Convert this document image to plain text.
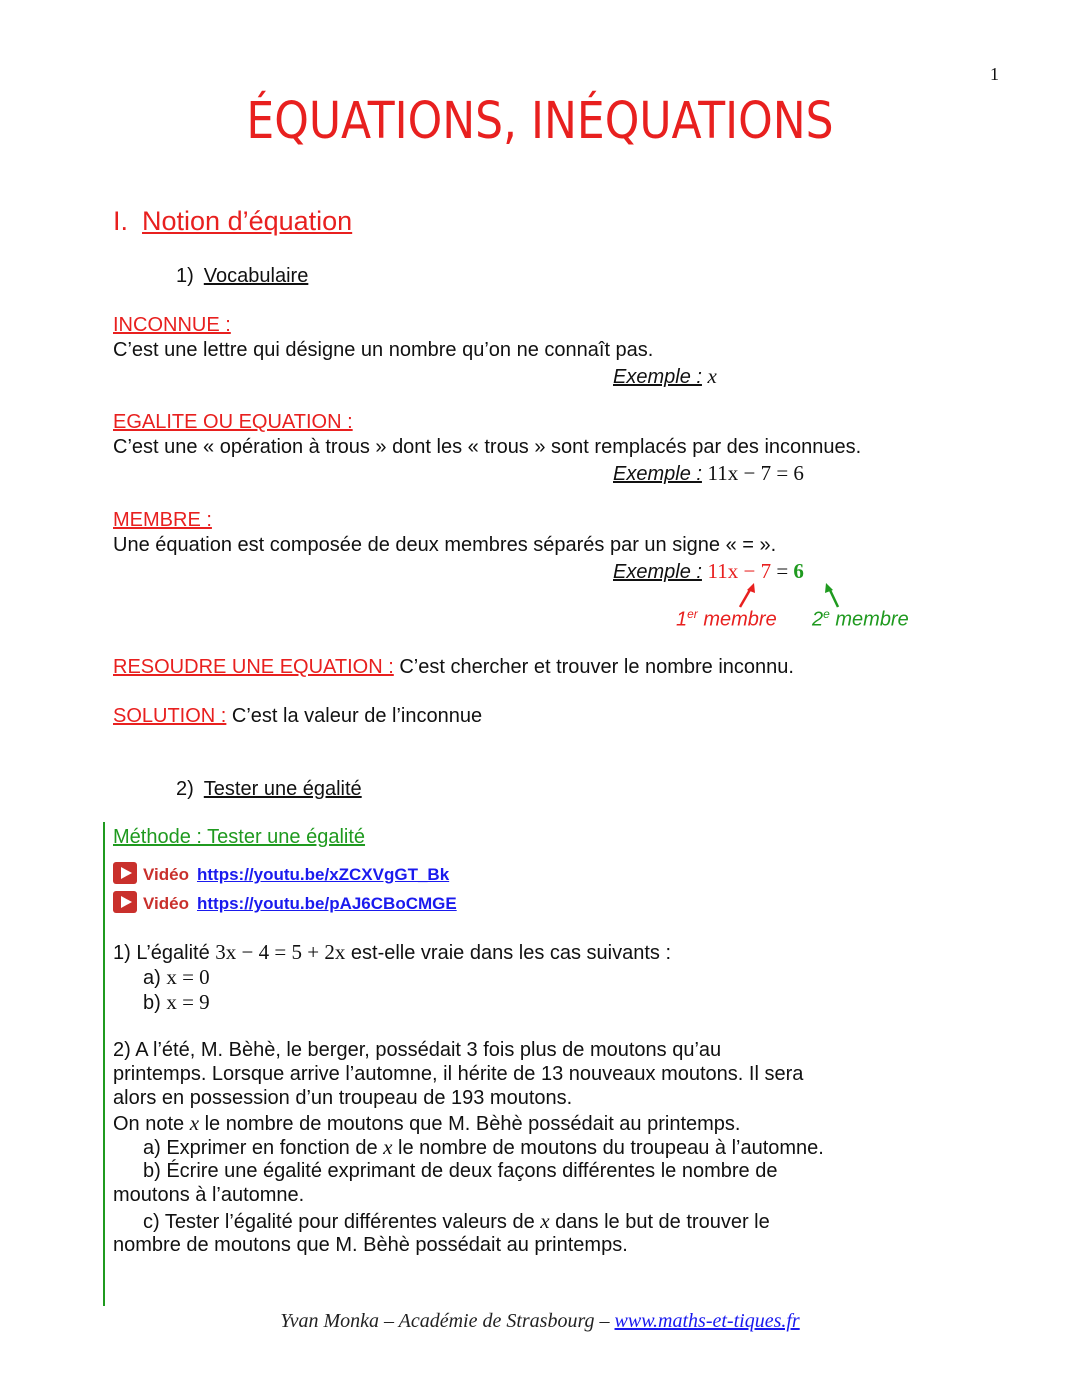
1
ÉQUATIONS, INÉQUATIONS
I. Notion d’équation
1) Vocabulaire
INCONNUE :
C’est une lettre qui désigne un nombre qu’on ne connaît pas.
Exemple : x
EGALITE OU EQUATION :
C’est une « opération à trous » dont les « trous » sont remplacés par des inconnues.
Exemple : 11x − 7 = 6
MEMBRE :
Une équation est composée de deux membres séparés par un signe « = ».
Exemple : 11x − 7 = 6
1er membre 2e membre
RESOUDRE UNE EQUATION : C’est chercher et trouver le nombre inconnu.
SOLUTION : C’est la valeur de l’inconnue
2) Tester une égalité
Méthode : Tester une égalité
Vidéo https://youtu.be/xZCXVgGT_Bk
Vidéo https://youtu.be/pAJ6CBoCMGE
1) L’égalité 3x − 4 = 5 + 2x est-elle vraie dans les cas suivants :
a) x = 0
b) x = 9
2) A l’été, M. Bèhè, le berger, possédait 3 fois plus de moutons qu’au
printemps. Lorsque arrive l’automne, il hérite de 13 nouveaux moutons. Il sera
alors en possession d’un troupeau de 193 moutons.
On note x le nombre de moutons que M. Bèhè possédait au printemps.
a) Exprimer en fonction de x le nombre de moutons du troupeau à l’automne.
b) Écrire une égalité exprimant de deux façons différentes le nombre de
moutons à l’automne.
c) Tester l’égalité pour différentes valeurs de x dans le but de trouver le
nombre de moutons que M. Bèhè possédait au printemps.
Yvan Monka – Académie de Strasbourg – www.maths-et-tiques.fr
